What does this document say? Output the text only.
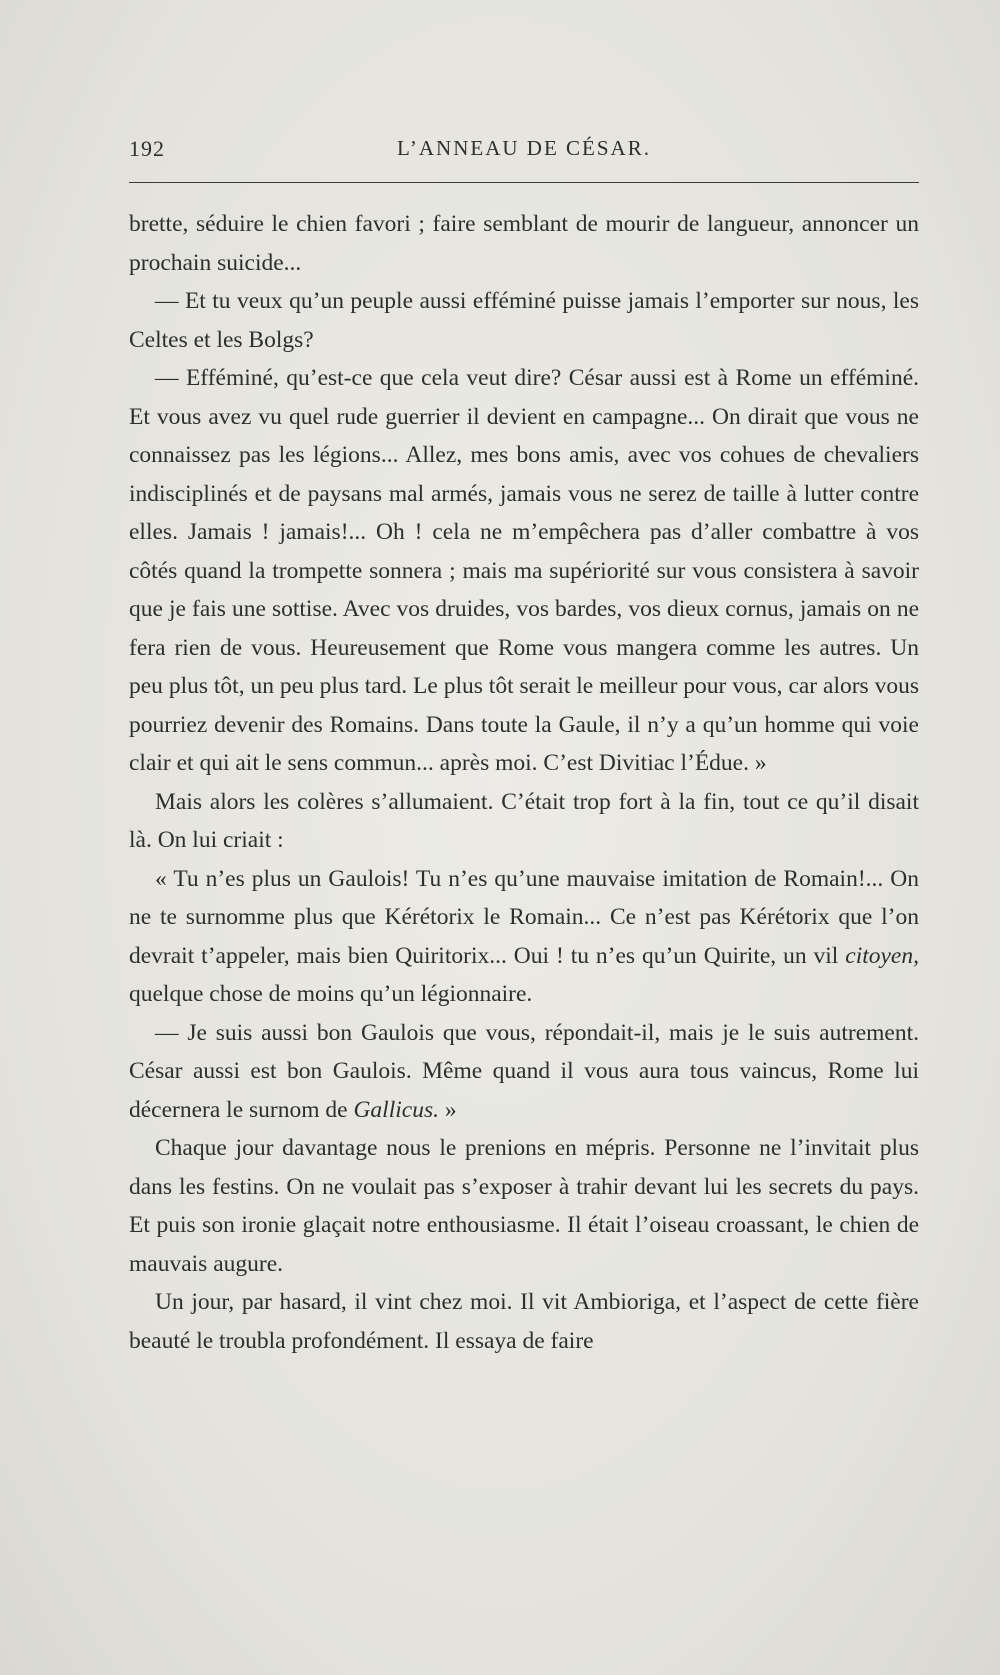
192	L’ANNEAU DE CÉSAR.

brette, séduire le chien favori ; faire semblant de mourir de langueur, annoncer un prochain suicide...

— Et tu veux qu’un peuple aussi efféminé puisse jamais l’emporter sur nous, les Celtes et les Bolgs?

— Efféminé, qu’est-ce que cela veut dire? César aussi est à Rome un efféminé. Et vous avez vu quel rude guerrier il devient en campagne... On dirait que vous ne connaissez pas les légions... Allez, mes bons amis, avec vos cohues de chevaliers indisciplinés et de paysans mal armés, jamais vous ne serez de taille à lutter contre elles. Jamais ! jamais!... Oh ! cela ne m’empêchera pas d’aller combattre à vos côtés quand la trompette sonnera ; mais ma supériorité sur vous consistera à savoir que je fais une sottise. Avec vos druides, vos bardes, vos dieux cornus, jamais on ne fera rien de vous. Heureusement que Rome vous mangera comme les autres. Un peu plus tôt, un peu plus tard. Le plus tôt serait le meilleur pour vous, car alors vous pourriez devenir des Romains. Dans toute la Gaule, il n’y a qu’un homme qui voie clair et qui ait le sens commun... après moi. C’est Divitiac l’Édue. »

Mais alors les colères s’allumaient. C’était trop fort à la fin, tout ce qu’il disait là. On lui criait :

« Tu n’es plus un Gaulois! Tu n’es qu’une mauvaise imitation de Romain!... On ne te surnomme plus que Kérétorix le Romain... Ce n’est pas Kérétorix que l’on devrait t’appeler, mais bien Quiritorix... Oui ! tu n’es qu’un Quirite, un vil citoyen, quelque chose de moins qu’un légionnaire.

— Je suis aussi bon Gaulois que vous, répondait-il, mais je le suis autrement. César aussi est bon Gaulois. Même quand il vous aura tous vaincus, Rome lui décernera le surnom de Gallicus. »

Chaque jour davantage nous le prenions en mépris. Personne ne l’invitait plus dans les festins. On ne voulait pas s’exposer à trahir devant lui les secrets du pays. Et puis son ironie glaçait notre enthousiasme. Il était l’oiseau croassant, le chien de mauvais augure.

Un jour, par hasard, il vint chez moi. Il vit Ambioriga, et l’aspect de cette fière beauté le troubla profondément. Il essaya de faire
